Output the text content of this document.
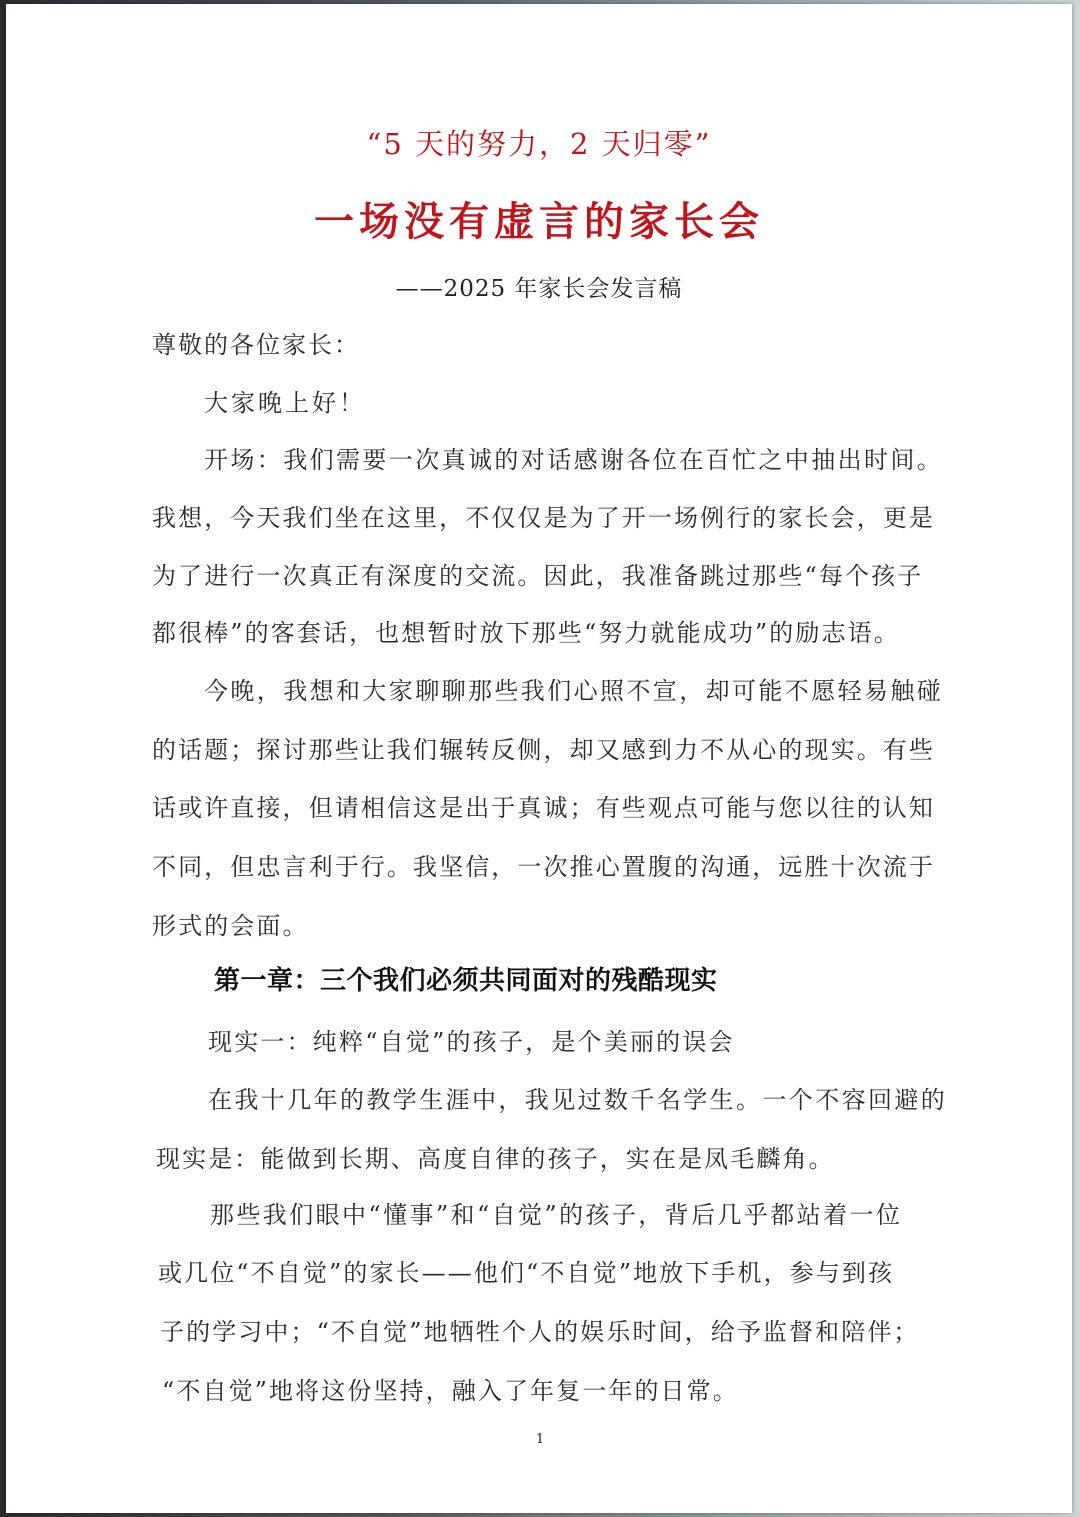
“5 天的努力，2 天归零”
一场没有虚言的家长会
——2025 年家长会发言稿
尊敬的各位家长：
大家晚上好！
开场：我们需要一次真诚的对话感谢各位在百忙之中抽出时间。
我想，今天我们坐在这里，不仅仅是为了开一场例行的家长会，更是
为了进行一次真正有深度的交流。因此，我准备跳过那些“每个孩子
都很棒”的客套话，也想暂时放下那些“努力就能成功”的励志语。
今晚，我想和大家聊聊那些我们心照不宣，却可能不愿轻易触碰
的话题；探讨那些让我们辗转反侧，却又感到力不从心的现实。有些
话或许直接，但请相信这是出于真诚；有些观点可能与您以往的认知
不同，但忠言利于行。我坚信，一次推心置腹的沟通，远胜十次流于
形式的会面。
第一章：三个我们必须共同面对的残酷现实
现实一：纯粹“自觉”的孩子，是个美丽的误会
在我十几年的教学生涯中，我见过数千名学生。一个不容回避的
现实是：能做到长期、高度自律的孩子，实在是凤毛麟角。
那些我们眼中“懂事”和“自觉”的孩子，背后几乎都站着一位
或几位“不自觉”的家长——他们“不自觉”地放下手机，参与到孩
子的学习中；“不自觉”地牺牲个人的娱乐时间，给予监督和陪伴；
“不自觉”地将这份坚持，融入了年复一年的日常。
1
